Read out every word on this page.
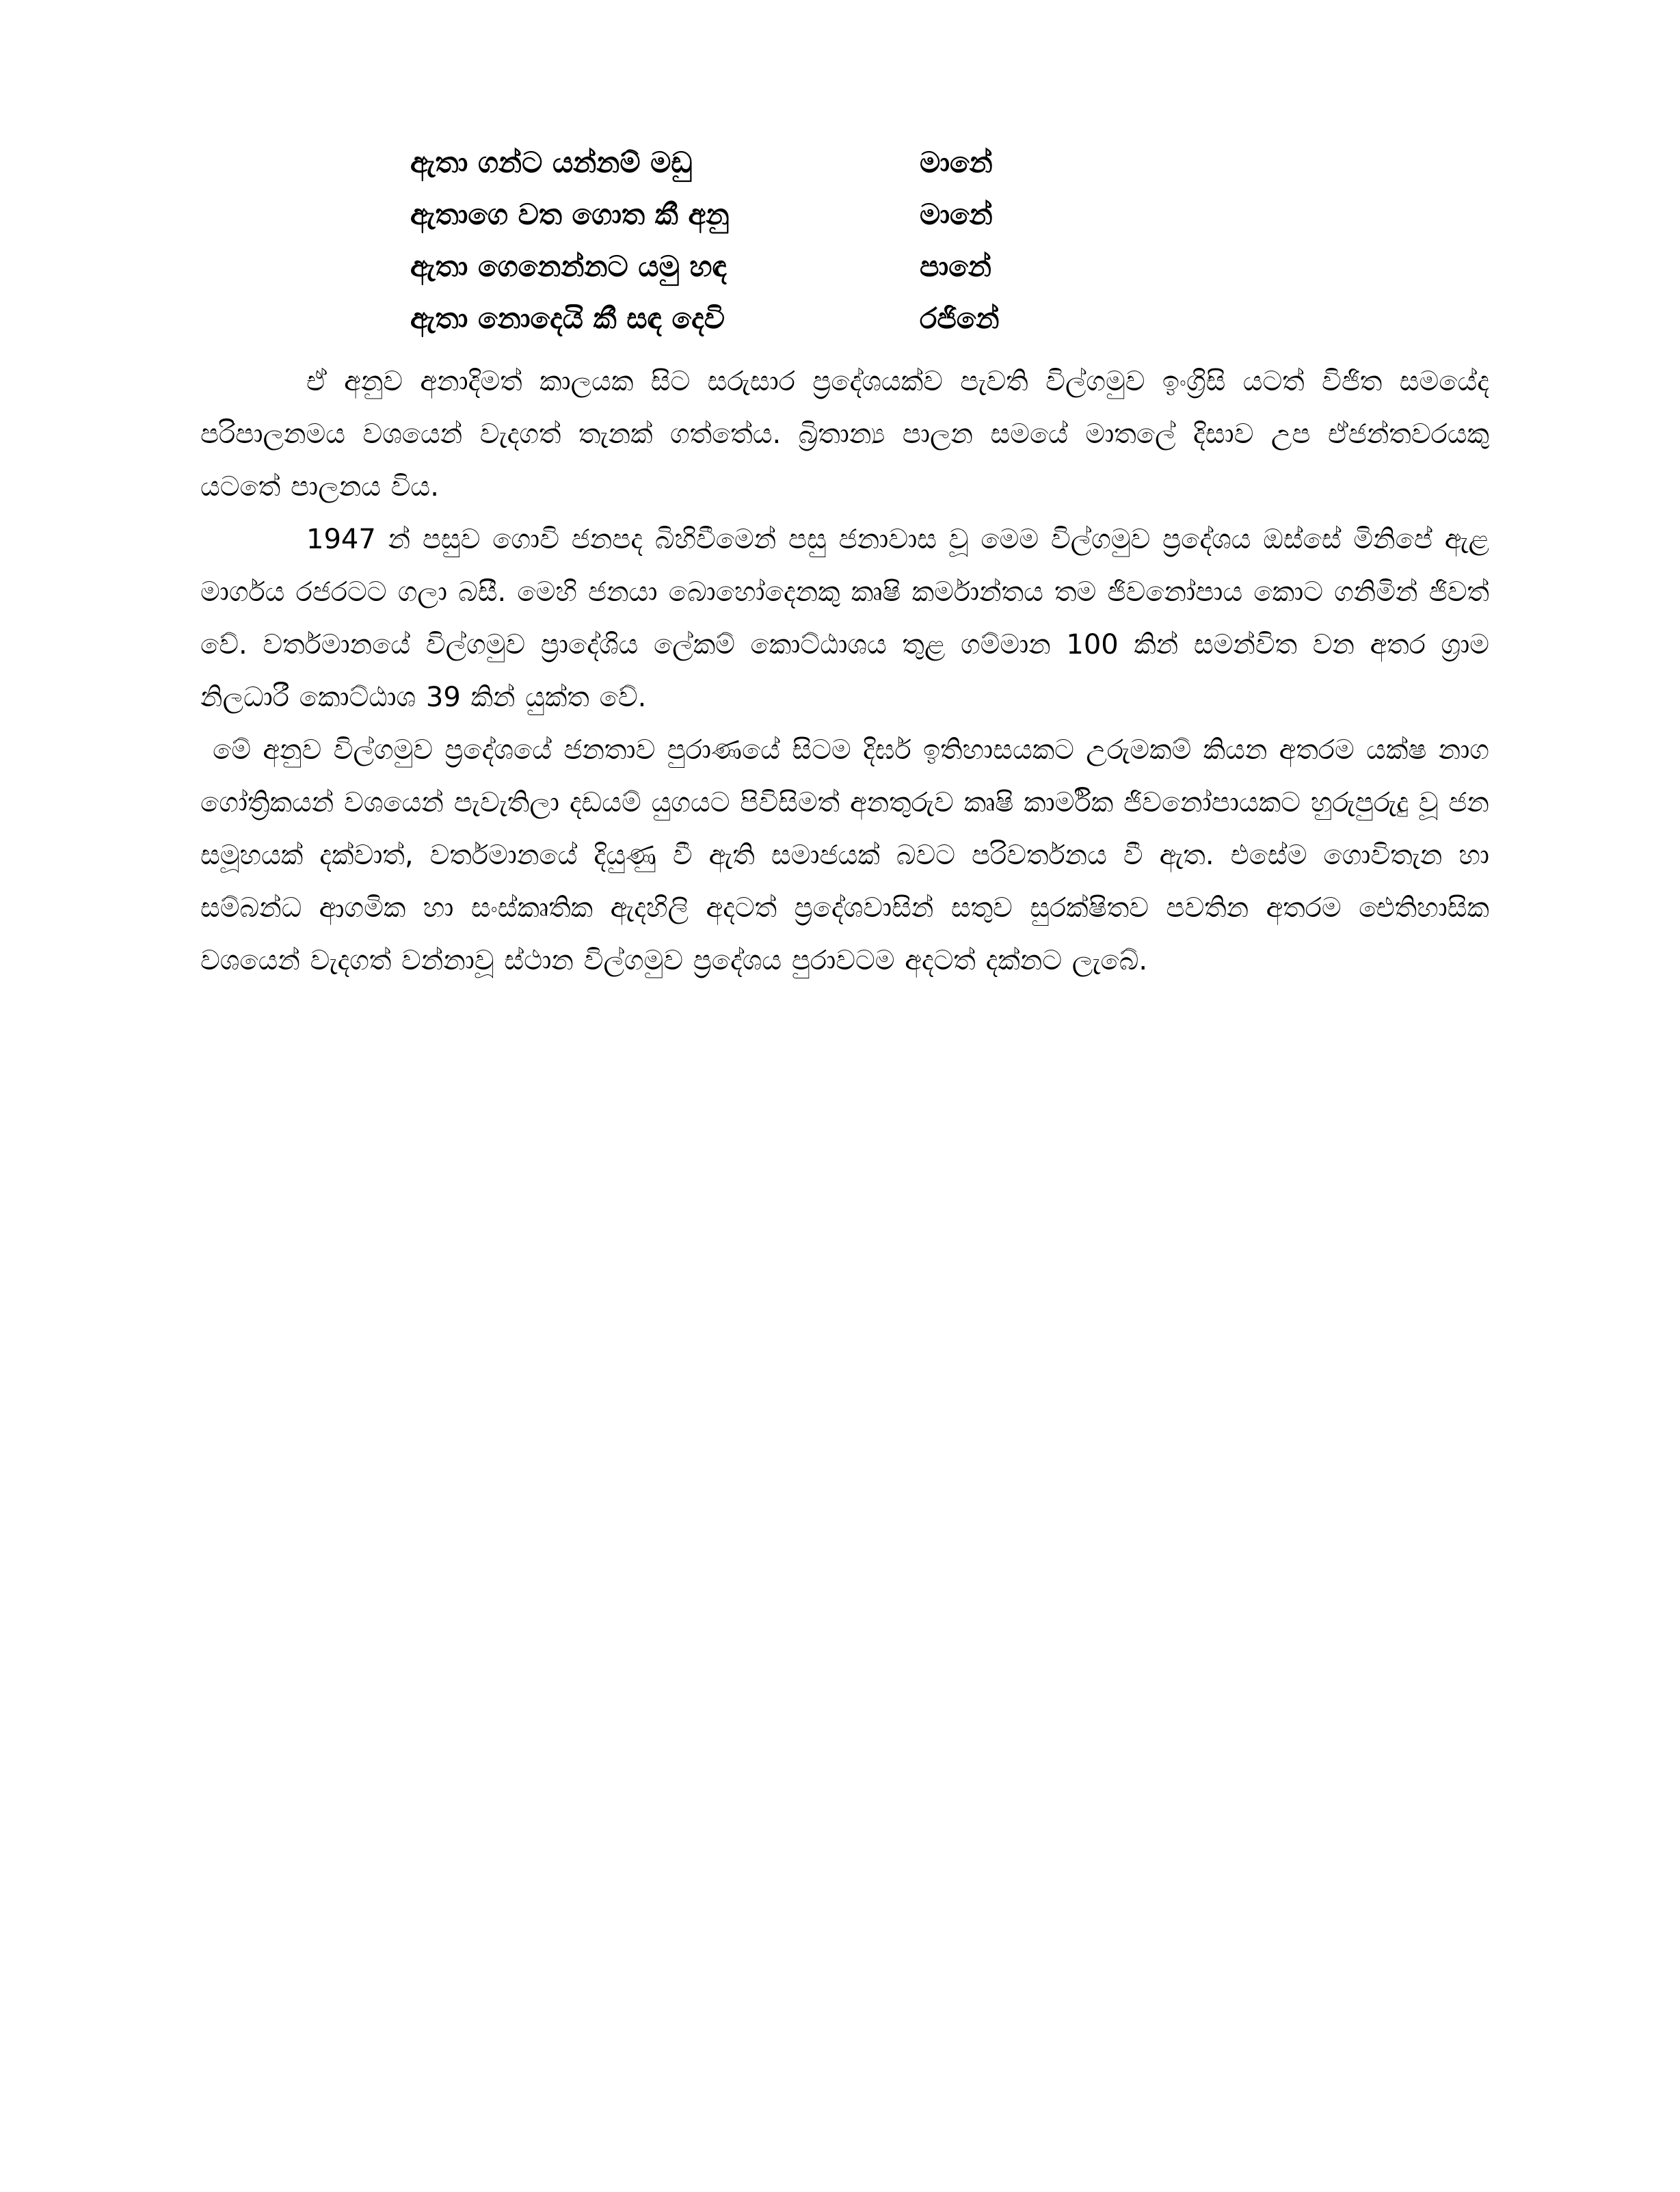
ඇතා ගන්ට යන්නම් මඩු	මානේ
ඇතාගෙ වත ගොත කී අනු	මානේ
ඇතා ගෙනෙන්නට යමු හඳ	පානේ
ඇතා නොදෙයි කී සඳ දෙවි	රජිනේ

ඒ අනුව අනාදිමත් කාලයක සිට සරුසාර ප්‍රදේශයක්ව පැවති විල්ගමුව ඉංග්‍රිසි යටත් විජිත සමයේද පරිපාලනමය වශයෙන් වැදගත් තැනක් ගත්තේය. බ්‍රිතාන්‍ය පාලන සමයේ මාතලේ දිසාව උප ඒජන්තවරයකු යටතේ පාලනය විය.

1947 න් පසුව ගොවි ජනපද බිහිවීමෙන් පසු ජනාවාස වූ මෙම විල්ගමුව ප්‍රදේශය ඔස්සේ මිනිපේ ඇළ මාර්ගය රජරටට ගලා බසී. මෙහි ජනයා බොහෝදෙනකු කෘෂි කර්මාන්තය තම ජිවනෝපාය කොට ගනිමින් ජිවත් වේ. වර්තමානයේ විල්ගමුව ප්‍රාදේශිය ලේකම් කොට්ඨාශය තුළ ගම්මාන 100 කින් සමන්විත වන අතර ග්‍රාම නිලධාරී කොට්ඨාශ 39 කින් යුක්ත වේ.

මේ අනුව විල්ගමුව ප්‍රදේශයේ ජනතාව පුරාණයේ සිටම දිර්ඝ ඉතිහාසයකට උරුමකම් කියන අතරම යක්ෂ නාග ගෝත්‍රිකයන් වශයෙන් පැවැතිලා දඩයම් යුගයට පිවිසිමත් අනතුරුව කෘෂි කාර්මික ජිවනෝපායකට හුරුපුරුදු වූ ජන සමූහයක් දක්වාත්, වර්තමානයේ දියුණු වී ඇති සමාජයක් බවට පරිවර්තනය වී ඇත. එසේම ගොවිතැන හා සම්බන්ධ ආගමික හා සංස්කෘතික ඇදහිලි අදටත් ප්‍රදේශවාසින් සතුව සුරක්ෂිතව පවතින අතරම ඓතිහාසික වශයෙන් වැදගත් වන්නාවූ ස්ථාන විල්ගමුව ප්‍රදේශය පුරාවටම අදටත් දක්නට ලැබේ.
